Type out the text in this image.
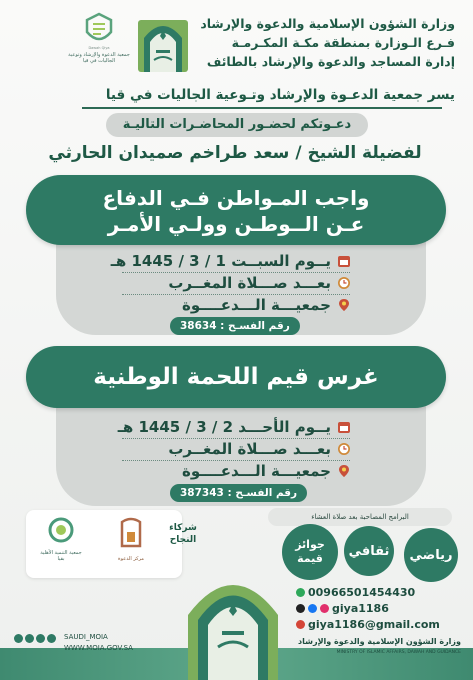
وزارة الشؤون الإسلامية والدعوة والإرشاد
فـرع الـوزارة بمنطقة مكـة المكـرمـة
إدارة المساجد والدعوة والإرشاد بالطائف
Dawah Qiya
جمعية الدعوة والإرشاد وتوعية الجاليات في قيا
يسر جمعية الدعـوة والإرشاد وتـوعية الجاليات في قيا
دعـوتكم لحضـور المحاضـرات التاليـة
لفضيلة الشيخ / سعد طراخم صميدان الحارثي
واجب المـواطن فـي الدفاع
عـن الــوطـن وولـي الأمـر
يــوم السبــت 1 / 3 / 1445 هـ
بعـــد صـــلاة المغــرب
جمعيـــة الـــدعــــوة
رقم الفسـح : 38634
غرس قيم اللحمة الوطنية
يــوم الأحـــد 2 / 3 / 1445 هـ
بعـــد صـــلاة المغــرب
جمعيـــة الـــدعــــوة
رقم الفسـح : 387343
جمعية التنمية الأهلية بقيا	مركز الدعوة
شركاء النجاح
البرامج المصاحبة بعد صلاة العشاء
رياضي
ثقافي
جوائز قيمة
00966501454430
giya1186
giya1186@gmail.com
SAUDI_MOIA
WWW.MOIA.GOV.SA
وزارة الشؤون الإسلامية والدعوة والإرشاد
MINISTRY OF ISLAMIC AFFAIRS, DAWAH AND GUIDANCE
